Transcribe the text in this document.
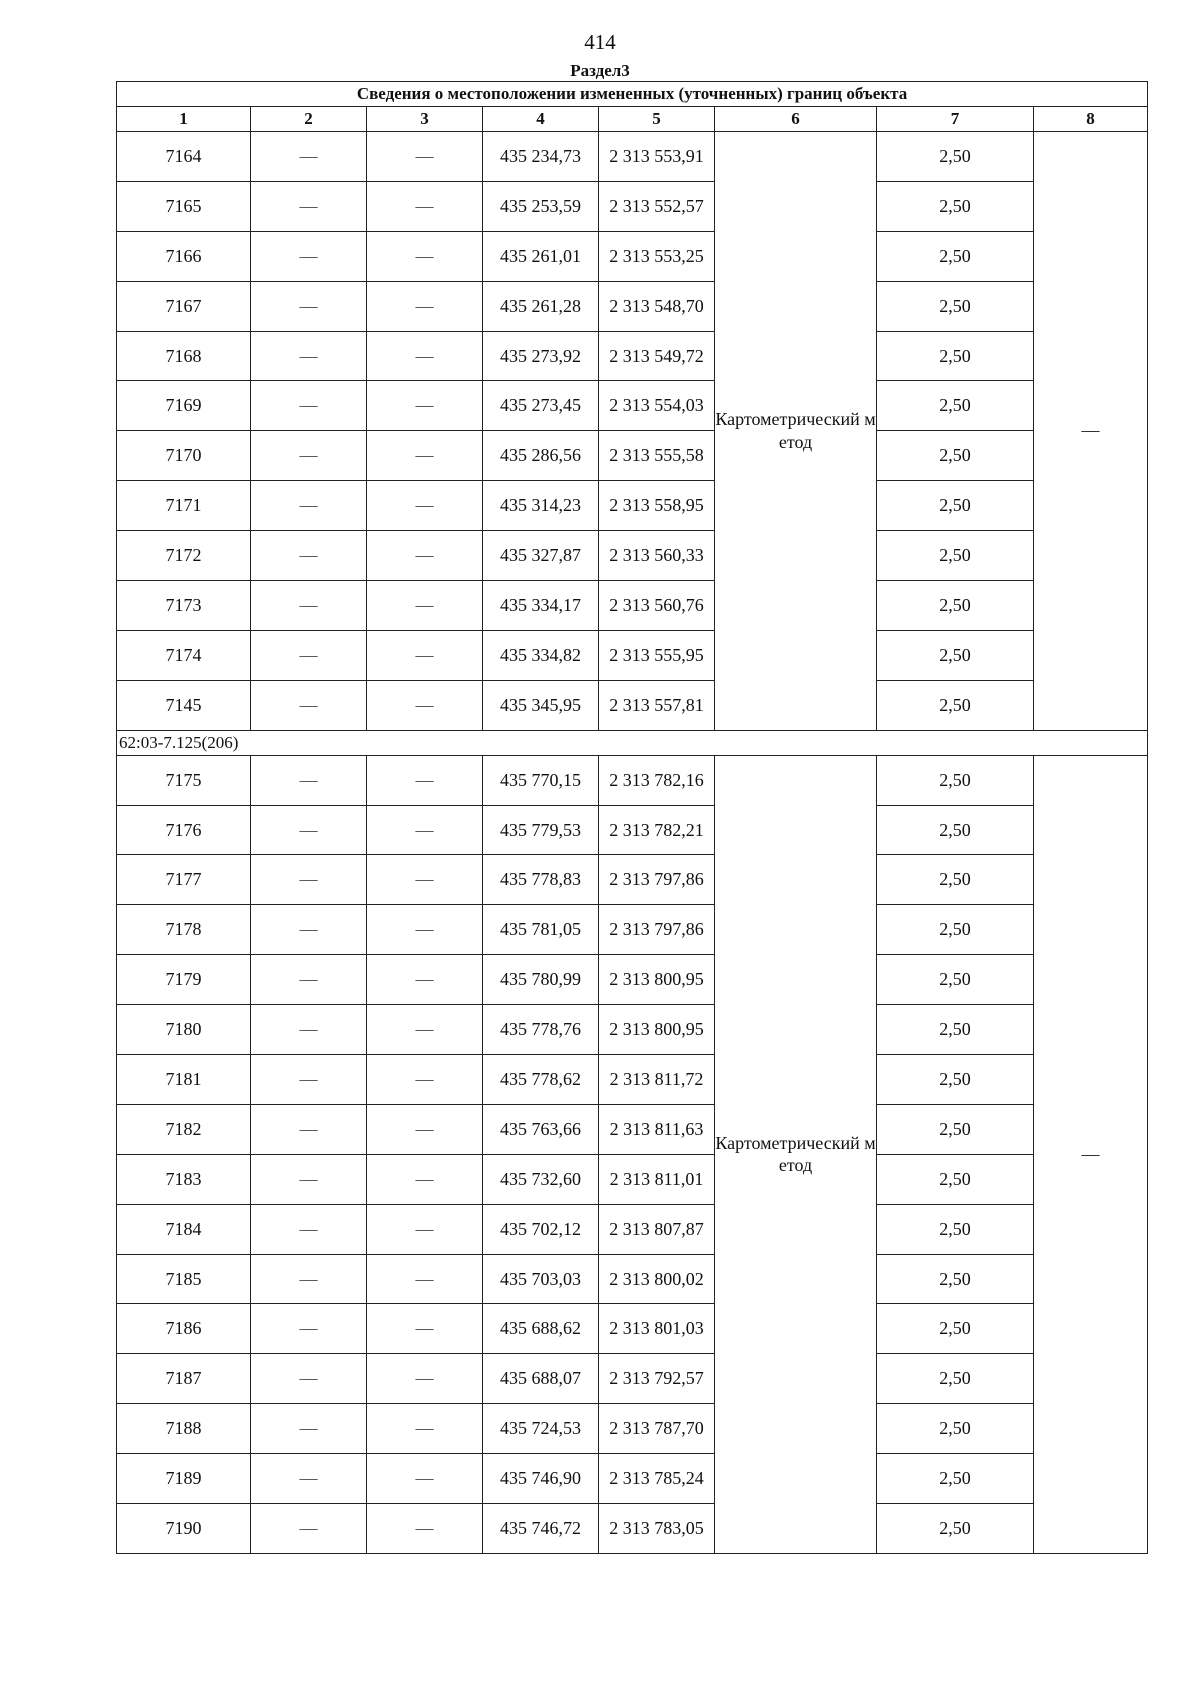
414
Раздел3
Сведения о местоположении измененных (уточненных) границ объекта							
1	2	3	4	5	6	7	8
7164	—	—	435 234,73	2 313 553,91	Картометрический метод	2,50	—
7165	—	—	435 253,59	2 313 552,57		2,50	
7166	—	—	435 261,01	2 313 553,25		2,50	
7167	—	—	435 261,28	2 313 548,70		2,50	
7168	—	—	435 273,92	2 313 549,72		2,50	
7169	—	—	435 273,45	2 313 554,03		2,50	
7170	—	—	435 286,56	2 313 555,58		2,50	
7171	—	—	435 314,23	2 313 558,95		2,50	
7172	—	—	435 327,87	2 313 560,33		2,50	
7173	—	—	435 334,17	2 313 560,76		2,50	
7174	—	—	435 334,82	2 313 555,95		2,50	
7145	—	—	435 345,95	2 313 557,81		2,50	
62:03-7.125(206)							
7175	—	—	435 770,15	2 313 782,16	Картометрический метод	2,50	—
7176	—	—	435 779,53	2 313 782,21		2,50	
7177	—	—	435 778,83	2 313 797,86		2,50	
7178	—	—	435 781,05	2 313 797,86		2,50	
7179	—	—	435 780,99	2 313 800,95		2,50	
7180	—	—	435 778,76	2 313 800,95		2,50	
7181	—	—	435 778,62	2 313 811,72		2,50	
7182	—	—	435 763,66	2 313 811,63		2,50	
7183	—	—	435 732,60	2 313 811,01		2,50	
7184	—	—	435 702,12	2 313 807,87		2,50	
7185	—	—	435 703,03	2 313 800,02		2,50	
7186	—	—	435 688,62	2 313 801,03		2,50	
7187	—	—	435 688,07	2 313 792,57		2,50	
7188	—	—	435 724,53	2 313 787,70		2,50	
7189	—	—	435 746,90	2 313 785,24		2,50	
7190	—	—	435 746,72	2 313 783,05		2,50	
